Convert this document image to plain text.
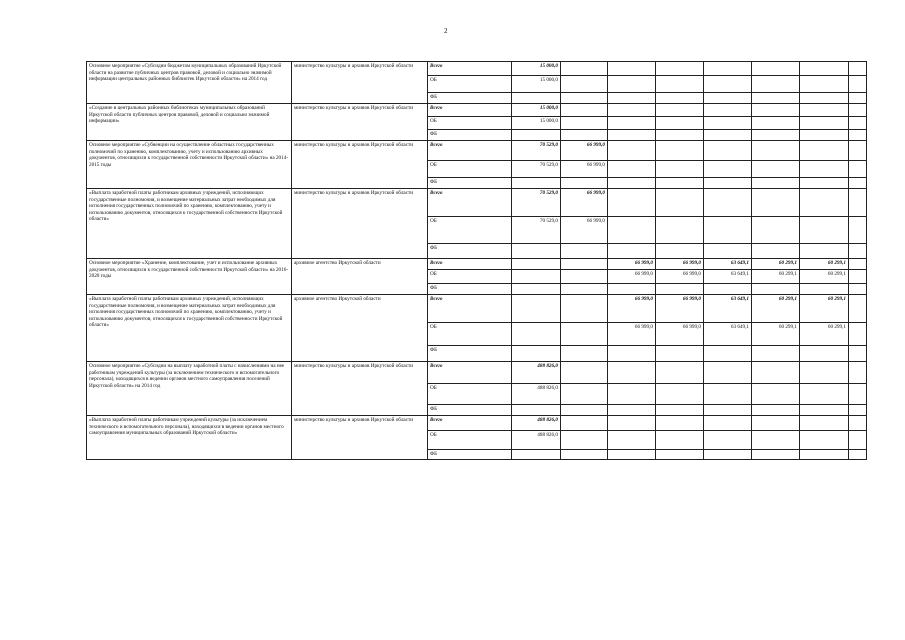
2
Основное мероприятие «Субсидии бюджетам муниципальных образований Иркутской области на развитие публичных центров правовой, деловой и социально значимой информации центральных районных библиотек Иркутской области» на 2014 год	министерство культуры и архивов Иркутской области	Всего	15 000,0							
		ОБ	15 000,0							
		ФБ								
«Создание в центральных районных библиотеках муниципальных образований Иркутской области публичных центров правовой, деловой и социально значимой информации»	министерство культуры и архивов Иркутской области	Всего	15 000,0							
		ОБ	15 000,0							
		ФБ								
Основное мероприятие «Субвенции на осуществление областных государственных полномочий по хранению, комплектованию, учету и использованию архивных документов, относящихся к государственной собственности Иркутской области» на 2014-2015 годы	министерство культуры и архивов Иркутской области	Всего	70 529,0	66 999,0						
		ОБ	70 529,0	66 999,0						
		ФБ								
«Выплата заработной платы работникам архивных учреждений, исполняющих государственные полномочия, и возмещение материальных затрат необходимых для исполнения государственных полномочий по хранению, комплектованию, учету и использованию документов, относящихся к государственной собственности Иркутской области»	министерство культуры и архивов Иркутской области	Всего	70 529,0	66 999,0						
		ОБ	70 529,0	66 999,0						
		ФБ								
Основное мероприятие «Хранение, комплектование, учет и использование архивных документов, относящихся к государственной собственности Иркутской области» на 2016-2020 годы	архивное агентство Иркутской области	Всего			66 999,0	66 999,0	63 649,1	60 299,1	60 299,1	
		ОБ			66 999,0	66 999,0	63 649,1	60 299,1	60 299,1	
		ФБ								
«Выплата заработной платы работникам архивных учреждений, исполняющих государственные полномочия, и возмещение материальных затрат необходимых для исполнения государственных полномочий по хранению, комплектованию, учету и использованию документов, относящихся к государственной собственности Иркутской области»	архивное агентство Иркутской области	Всего			66 999,0	66 999,0	63 649,1	60 299,1	60 299,1	
		ОБ			66 999,0	66 999,0	63 649,1	60 299,1	60 299,1	
		ФБ								
Основное мероприятие «Субсидии на выплату заработной платы с начислениями на нее работникам учреждений культуры (за исключением технического и вспомогательного персонала), находящихся в ведении органов местного самоуправления поселений Иркутской области» на 2014 год	министерство культуры и архивов Иркутской области	Всего	488 826,0							
		ОБ	488 826,0							
		ФБ								
«Выплата заработной платы работникам учреждений культуры (за исключением технического и вспомогательного персонала), находящихся в ведении органов местного самоуправления муниципальных образований Иркутской области»	министерство культуры и архивов Иркутской области	Всего	488 826,0							
		ОБ	488 826,0							
		ФБ								
